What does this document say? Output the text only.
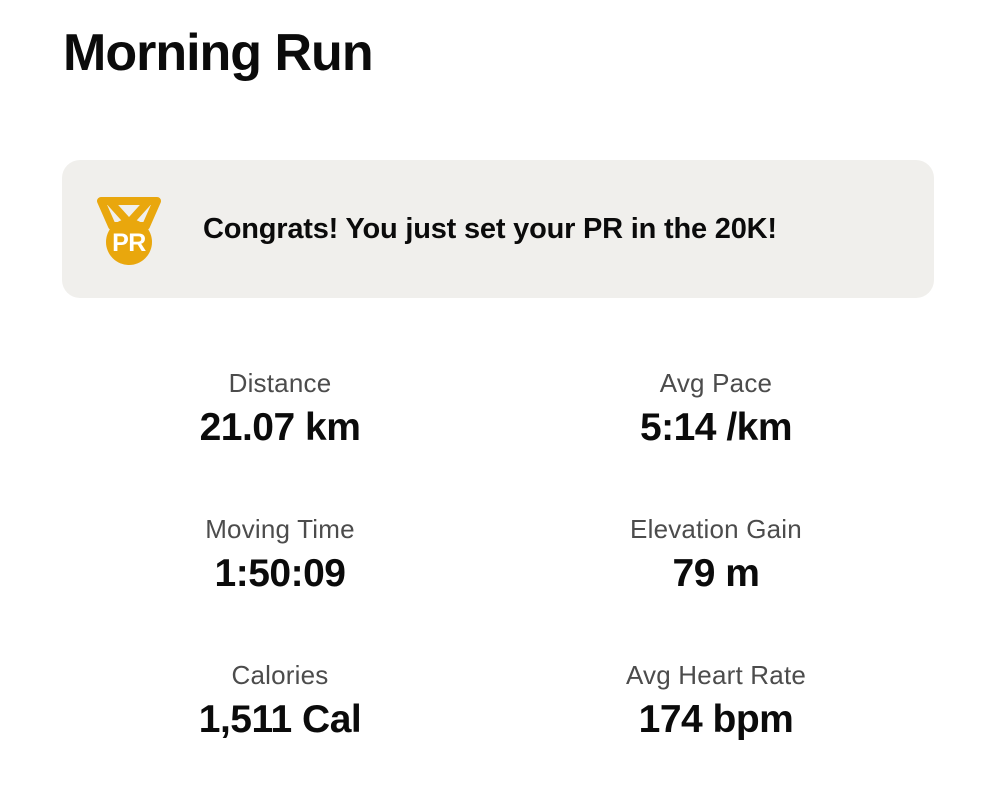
Morning Run
PR Congrats! You just set your PR in the 20K!
Distance
21.07 km
Avg Pace
5:14 /km
Moving Time
1:50:09
Elevation Gain
79 m
Calories
1,511 Cal
Avg Heart Rate
174 bpm
